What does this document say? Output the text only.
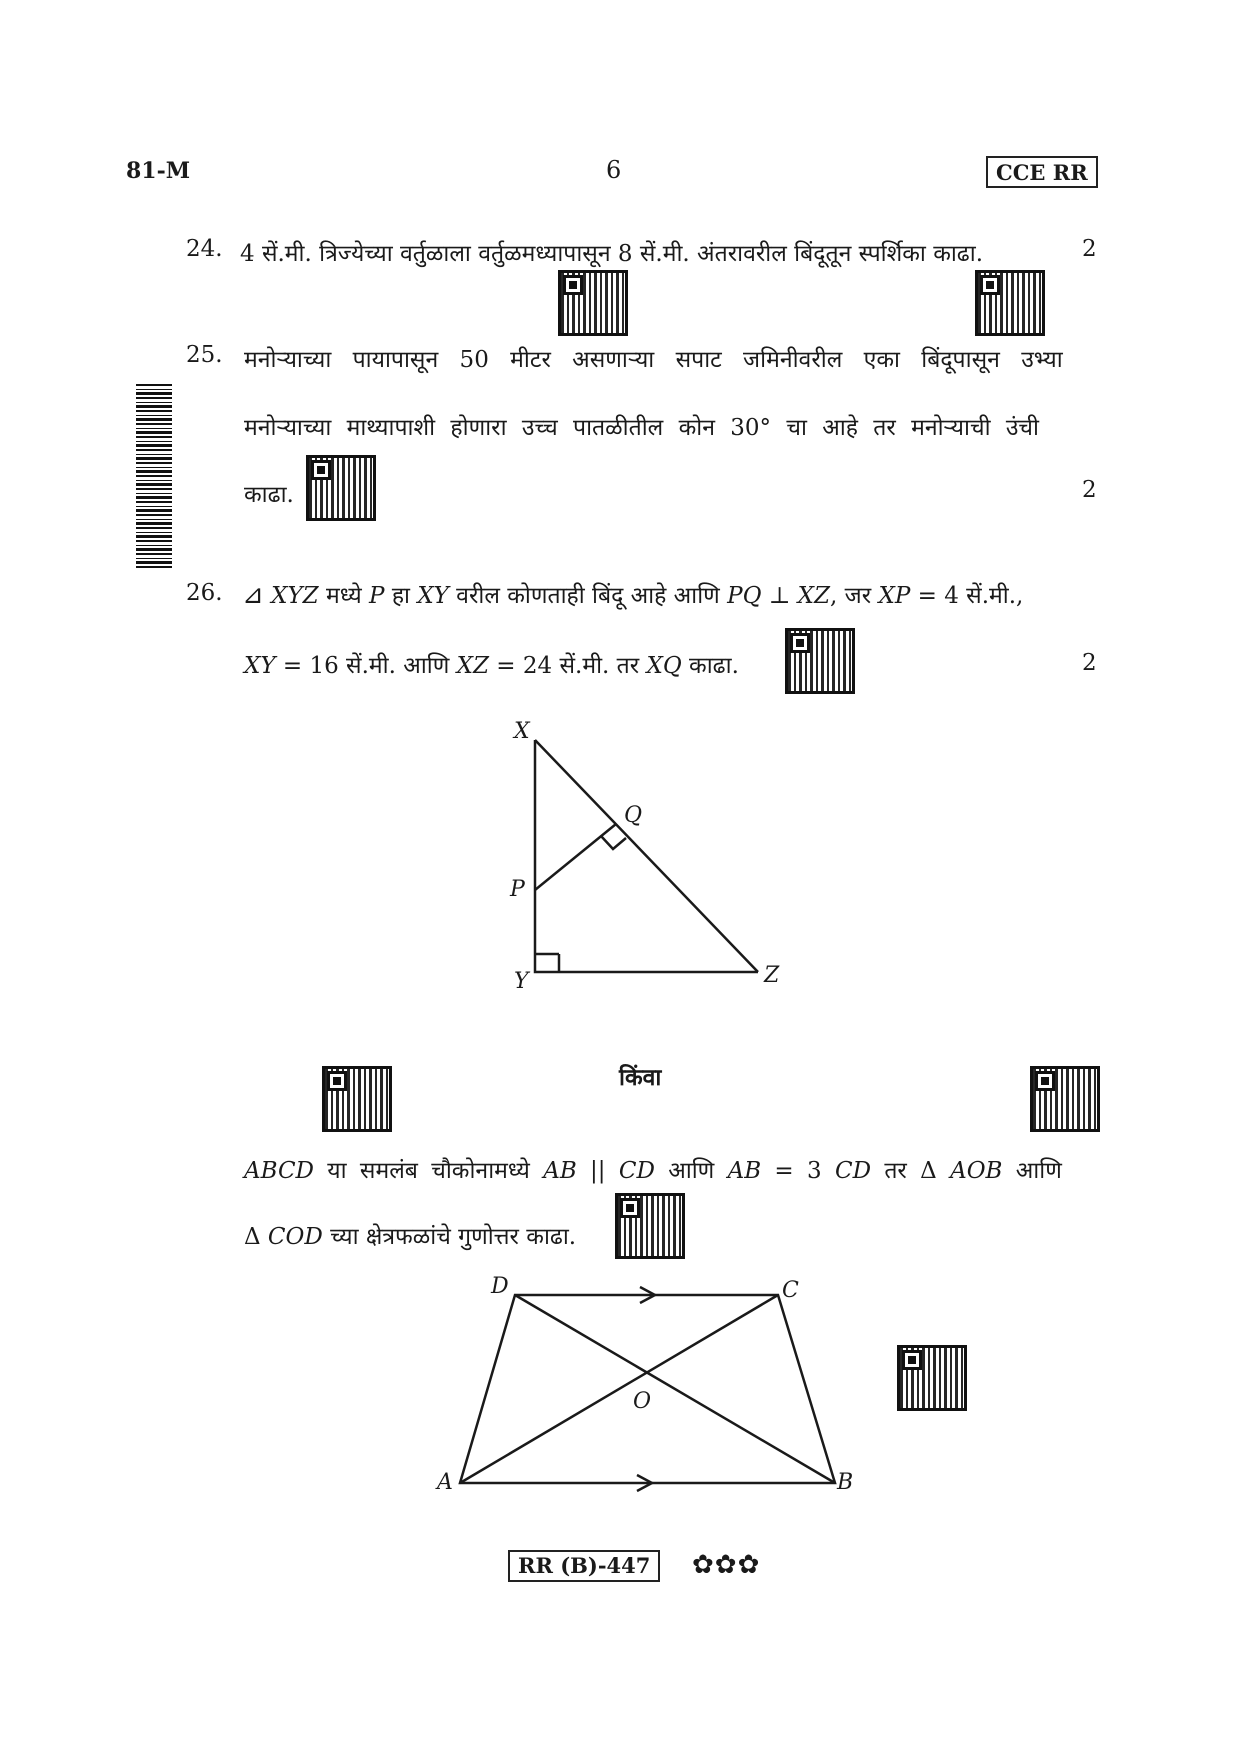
81-M	6	CCE RR
24. 4 सें.मी. त्रिज्येच्या वर्तुळाला वर्तुळमध्यापासून 8 सें.मी. अंतरावरील बिंदूतून स्पर्शिका काढा.	2
25. मनोऱ्याच्या पायापासून 50 मीटर असणाऱ्या सपाट जमिनीवरील एका बिंदूपासून उभ्या
मनोऱ्याच्या माथ्यापाशी होणारा उच्च पातळीतील कोन 30° चा आहे तर मनोऱ्याची उंची
काढा.	2
26. ⊿ XYZ मध्ये P हा XY वरील कोणताही बिंदू आहे आणि PQ ⊥ XZ, जर XP = 4 सें.मी.,
XY = 16 सें.मी. आणि XZ = 24 सें.मी. तर XQ काढा.	2
X
Q
P
Y	Z
किंवा
ABCD या समलंब चौकोनामध्ये AB || CD आणि AB = 3 CD तर Δ AOB आणि
Δ COD च्या क्षेत्रफळांचे गुणोत्तर काढा.
D	C
O
A	B
RR (B)-447	✿✿✿
